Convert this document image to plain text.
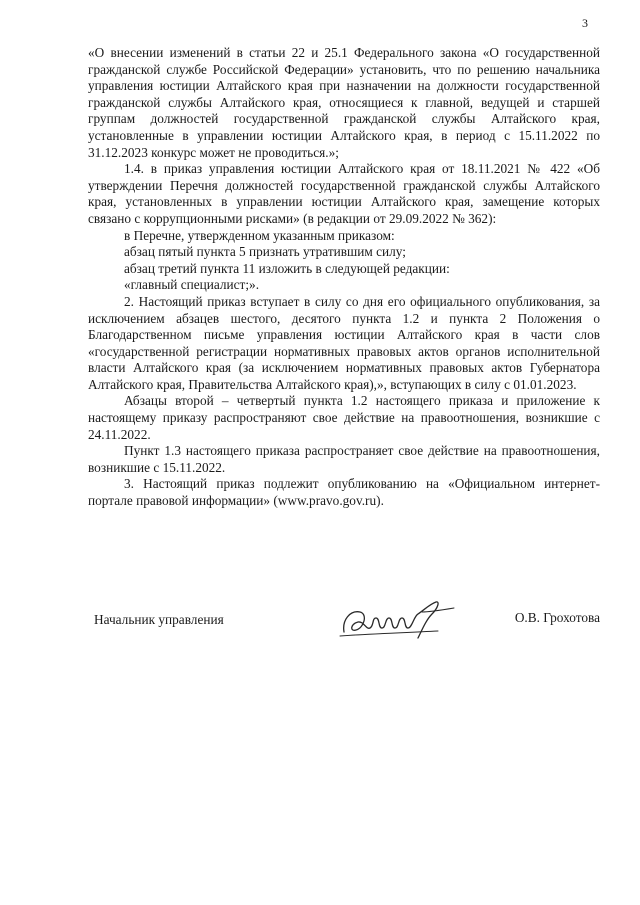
3

«О внесении изменений в статьи 22 и 25.1 Федерального закона «О государственной гражданской службе Российской Федерации» установить, что по решению начальника управления юстиции Алтайского края при назначении на должности государственной гражданской службы Алтайского края, относящиеся к главной, ведущей и старшей группам должностей государственной гражданской службы Алтайского края, установленные в управлении юстиции Алтайского края, в период с 15.11.2022 по 31.12.2023 конкурс может не проводиться.»;

1.4. в приказ управления юстиции Алтайского края от 18.11.2021 № 422 «Об утверждении Перечня должностей государственной гражданской службы Алтайского края, установленных в управлении юстиции Алтайского края, замещение которых связано с коррупционными рисками» (в редакции от 29.09.2022 № 362):

в Перечне, утвержденном указанным приказом:

абзац пятый пункта 5 признать утратившим силу;

абзац третий пункта 11 изложить в следующей редакции:

«главный специалист;».

2. Настоящий приказ вступает в силу со дня его официального опубликования, за исключением абзацев шестого, десятого пункта 1.2 и пункта 2 Положения о Благодарственном письме управления юстиции Алтайского края в части слов «государственной регистрации нормативных правовых актов органов исполнительной власти Алтайского края (за исключением нормативных правовых актов Губернатора Алтайского края, Правительства Алтайского края),», вступающих в силу с 01.01.2023.

Абзацы второй – четвертый пункта 1.2 настоящего приказа и приложение к настоящему приказу распространяют свое действие на правоотношения, возникшие с 24.11.2022.

Пункт 1.3 настоящего приказа распространяет свое действие на правоотношения, возникшие с 15.11.2022.

3. Настоящий приказ подлежит опубликованию на «Официальном интернет-портале правовой информации» (www.pravo.gov.ru).

Начальник управления	О.В. Грохотова
